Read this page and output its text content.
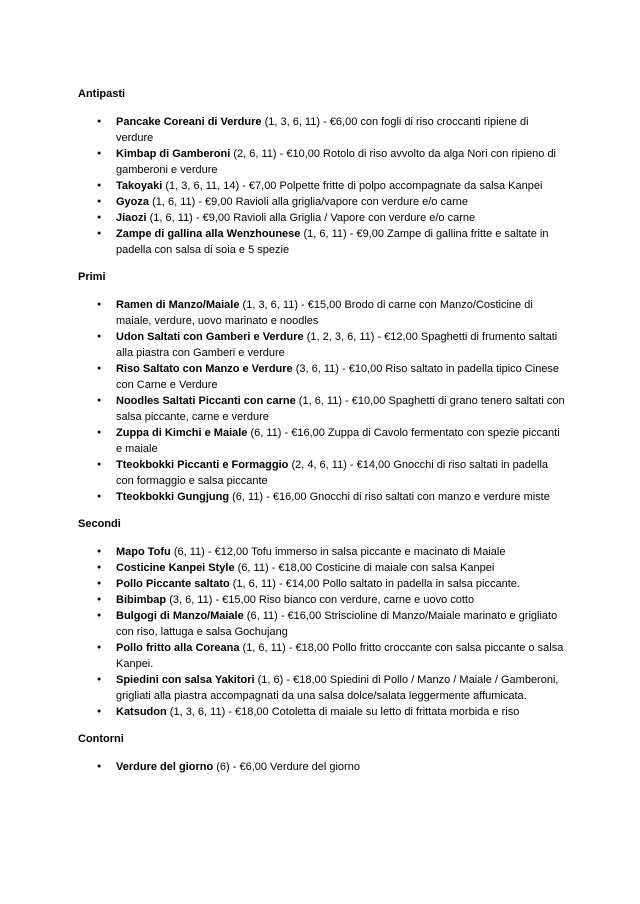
Antipasti
● Pancake Coreani di Verdure (1, 3, 6, 11) - €6,00 con fogli di riso croccanti ripiene di verdure
● Kimbap di Gamberoni (2, 6, 11) - €10,00 Rotolo di riso avvolto da alga Nori con ripieno di gamberoni e verdure
● Takoyaki (1, 3, 6, 11, 14) - €7,00 Polpette fritte di polpo accompagnate da salsa Kanpei
● Gyoza (1, 6, 11) - €9,00 Ravioli alla griglia/vapore con verdure e/o carne
● Jiaozi (1, 6, 11) - €9,00 Ravioli alla Griglia / Vapore con verdure e/o carne
● Zampe di gallina alla Wenzhounese (1, 6, 11) - €9,00 Zampe di gallina fritte e saltate in padella con salsa di soia e 5 spezie
Primi
● Ramen di Manzo/Maiale (1, 3, 6, 11) - €15,00 Brodo di carne con Manzo/Costicine di maiale, verdure, uovo marinato e noodles
● Udon Saltati con Gamberi e Verdure (1, 2, 3, 6, 11) - €12,00 Spaghetti di frumento saltati alla piastra con Gamberi e verdure
● Riso Saltato con Manzo e Verdure (3, 6, 11) - €10,00 Riso saltato in padella tipico Cinese con Carne e Verdure
● Noodles Saltati Piccanti con carne (1, 6, 11) - €10,00 Spaghetti di grano tenero saltati con salsa piccante, carne e verdure
● Zuppa di Kimchi e Maiale (6, 11) - €16,00 Zuppa di Cavolo fermentato con spezie piccanti e maiale
● Tteokbokki Piccanti e Formaggio (2, 4, 6, 11) - €14,00 Gnocchi di riso saltati in padella con formaggio e salsa piccante
● Tteokbokki Gungjung (6, 11) - €16,00 Gnocchi di riso saltati con manzo e verdure miste
Secondi
● Mapo Tofu (6, 11) - €12,00 Tofu immerso in salsa piccante e macinato di Maiale
● Costicine Kanpei Style (6, 11) - €18,00 Costicine di maiale con salsa Kanpei
● Pollo Piccante saltato (1, 6, 11) - €14,00 Pollo saltato in padella in salsa piccante.
● Bibimbap (3, 6, 11) - €15,00 Riso bianco con verdure, carne e uovo cotto
● Bulgogi di Manzo/Maiale (6, 11) - €16,00 Striscioline di Manzo/Maiale marinato e grigliato con riso, lattuga e salsa Gochujang
● Pollo fritto alla Coreana (1, 6, 11) - €18,00 Pollo fritto croccante con salsa piccante o salsa Kanpei.
● Spiedini con salsa Yakitori (1, 6) - €18,00 Spiedini di Pollo / Manzo / Maiale / Gamberoni, grigliati alla piastra accompagnati da una salsa dolce/salata leggermente affumicata.
● Katsudon (1, 3, 6, 11) - €18,00 Cotoletta di maiale su letto di frittata morbida e riso
Contorni
● Verdure del giorno (6) - €6,00 Verdure del giorno
